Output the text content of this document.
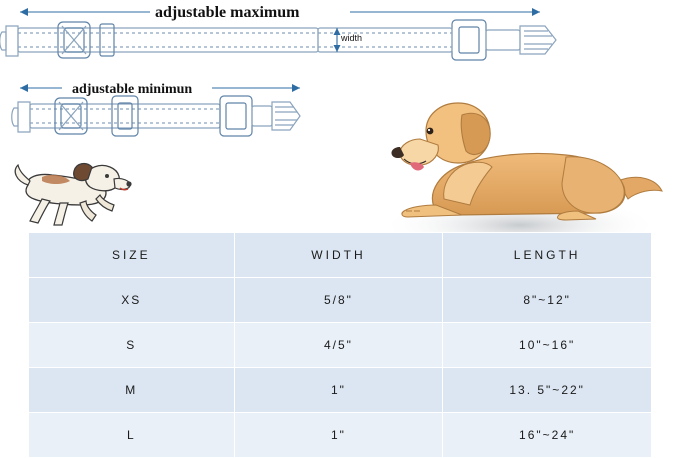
adjustable maximum
width
adjustable minimun
SIZE	WIDTH	LENGTH
XS	5/8"	8"~12"
S	4/5"	10"~16"
M	1"	13. 5"~22"
L	1"	16"~24"
